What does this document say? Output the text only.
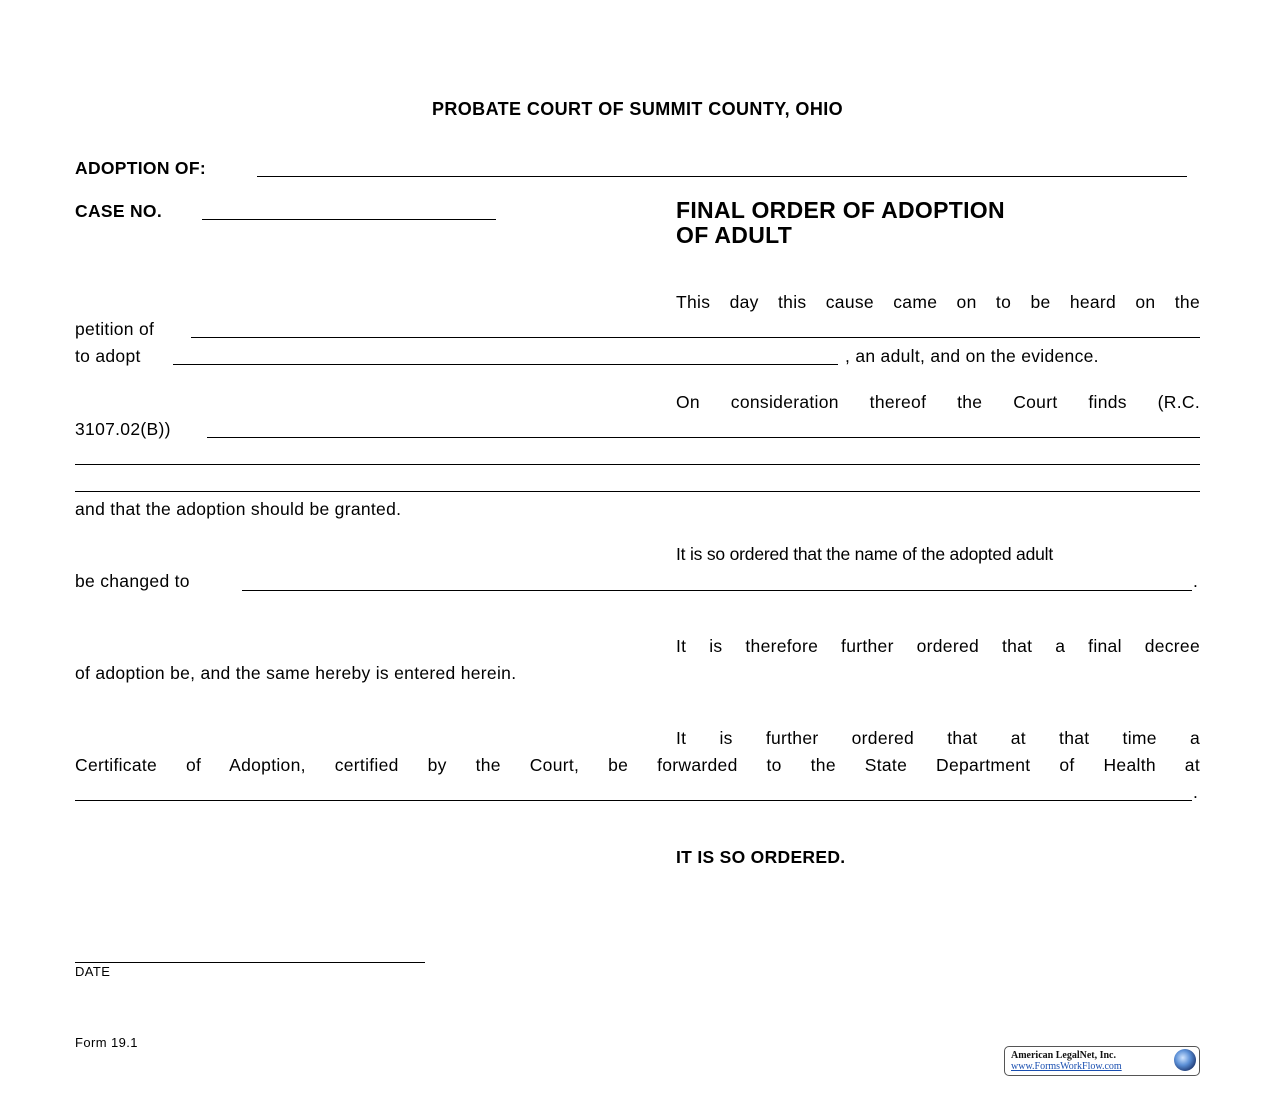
PROBATE COURT OF SUMMIT COUNTY, OHIO
ADOPTION OF:
CASE NO.	FINAL ORDER OF ADOPTION
OF ADULT
This day this cause came on to be heard on the
petition of
to adopt	, an adult, and on the evidence.
On consideration thereof the Court finds (R.C.
3107.02(B))
and that the adoption should be granted.
It is so ordered that the name of the adopted adult
be changed to	.
It is therefore further ordered that a final decree
of adoption be, and the same hereby is entered herein.
It is further ordered that at that time a
Certificate of Adoption, certified by the Court, be forwarded to the State Department of Health at
.
IT IS SO ORDERED.
DATE
Form 19.1
American LegalNet, Inc.
www.FormsWorkFlow.com
